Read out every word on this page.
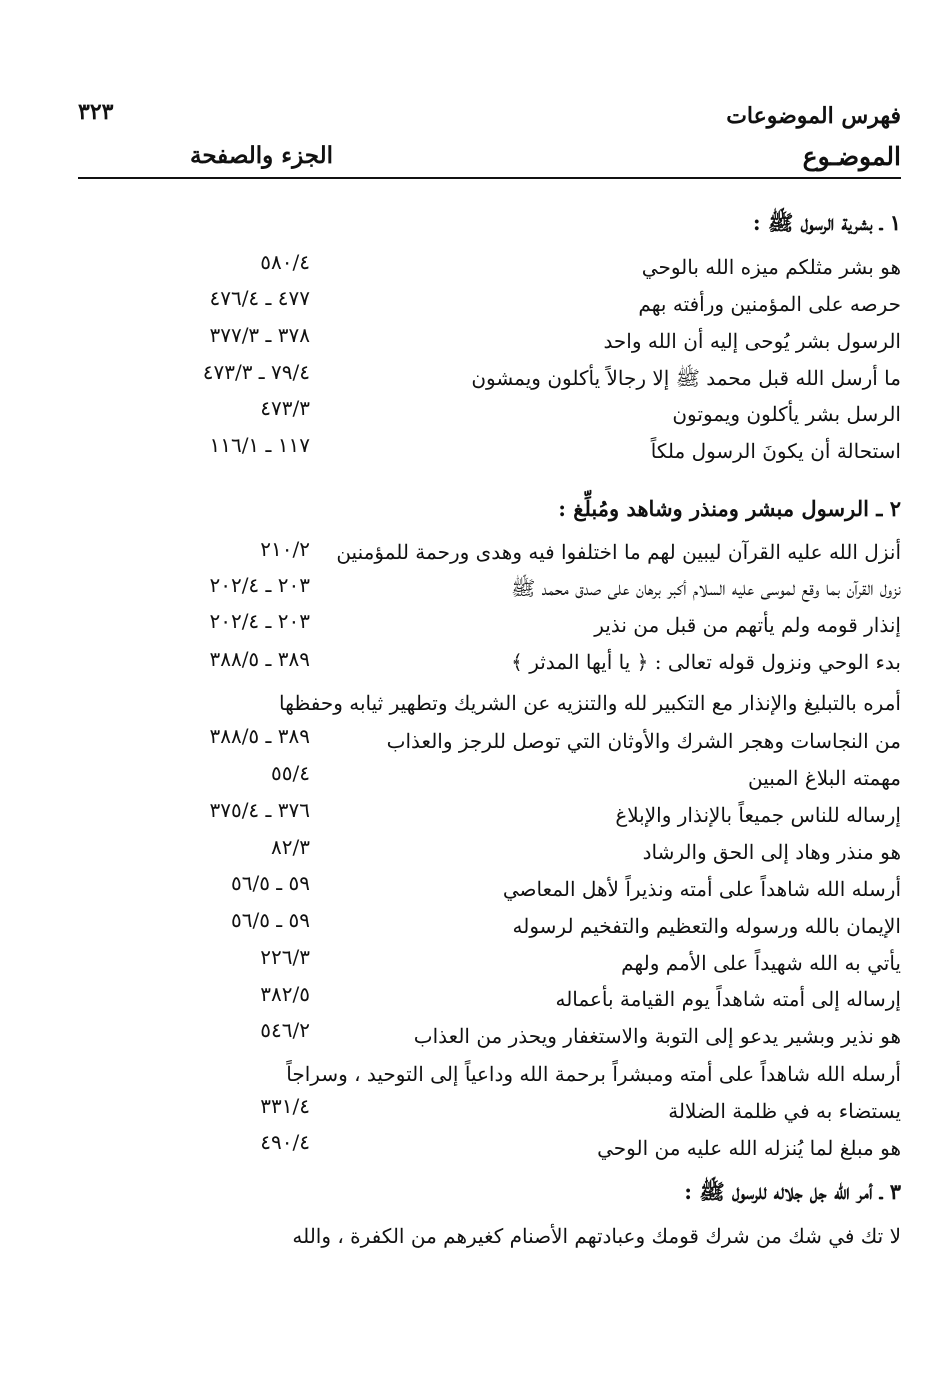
فهرس الموضوعات
٣٢٣
الموضـوع
الجزء والصفحة
١ ـ بشرية الرسول ﷺ :
هو بشر مثلكم ميزه الله بالوحي
٥٨٠/٤
حرصه على المؤمنين ورأفته بهم
٤٧٧ ـ ٤٧٦/٤
الرسول بشر يُوحى إليه أن الله واحد
٣٧٨ ـ ٣٧٧/٣
ما أرسل الله قبل محمد ﷺ إلا رجالاً يأكلون ويمشون
٧٩/٤ ـ ٤٧٣/٣
الرسل بشر يأكلون ويموتون
٤٧٣/٣
استحالة أن يكونَ الرسول ملكاً
١١٧ ـ ١١٦/١
٢ ـ الرسول مبشر ومنذر وشاهد ومُبلِّغ :
أنزل الله عليه القرآن ليبين لهم ما اختلفوا فيه وهدى ورحمة للمؤمنين
٢١٠/٢
نزول القرآن بما وقع لموسى عليه السلام أكبر برهان على صدق محمد ﷺ
٢٠٣ ـ ٢٠٢/٤
إنذار قومه ولم يأتهم من قبل من نذير
٢٠٣ ـ ٢٠٢/٤
بدء الوحي ونزول قوله تعالى : ﴿ يا أيها المدثر ﴾
٣٨٩ ـ ٣٨٨/٥
أمره بالتبليغ والإنذار مع التكبير لله والتنزيه عن الشريك وتطهير ثيابه وحفظها
من النجاسات وهجر الشرك والأوثان التي توصل للرجز والعذاب
٣٨٩ ـ ٣٨٨/٥
مهمته البلاغ المبين
٥٥/٤
إرساله للناس جميعاً بالإنذار والإبلاغ
٣٧٦ ـ ٣٧٥/٤
هو منذر وهاد إلى الحق والرشاد
٨٢/٣
أرسله الله شاهداً على أمته ونذيراً لأهل المعاصي
٥٩ ـ ٥٦/٥
الإيمان بالله ورسوله والتعظيم والتفخيم لرسوله
٥٩ ـ ٥٦/٥
يأتي به الله شهيداً على الأمم ولهم
٢٢٦/٣
إرساله إلى أمته شاهداً يوم القيامة بأعماله
٣٨٢/٥
هو نذير وبشير يدعو إلى التوبة والاستغفار ويحذر من العذاب
٥٤٦/٢
أرسله الله شاهداً على أمته ومبشراً برحمة الله وداعياً إلى التوحيد ، وسراجاً
يستضاء به في ظلمة الضلالة
٣٣١/٤
هو مبلغ لما يُنزله الله عليه من الوحي
٤٩٠/٤
٣ ـ أمر الله جل جلاله للرسول ﷺ :
لا تك في شك من شرك قومك وعبادتهم الأصنام كغيرهم من الكفرة ، والله
